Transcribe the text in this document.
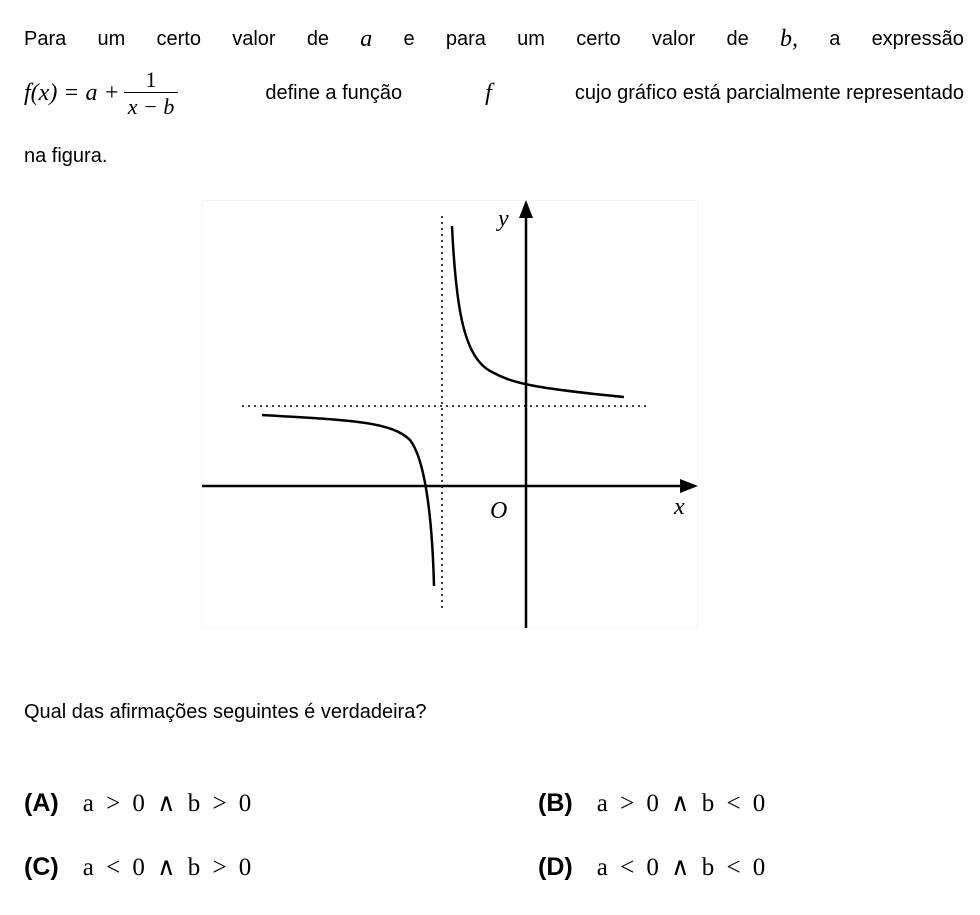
Para um certo valor de a e para um certo valor de b, a expressão
f $(x) = a + \frac{1}{x - b}$	define a função	f	cujo gráfico está parcialmente representado
na figura.
y
x
O
Qual das afirmações seguintes é verdadeira?
(A) a > 0 ∧ b > 0	(B) a > 0 ∧ b < 0
(C) a < 0 ∧ b > 0	(D) a < 0 ∧ b < 0
